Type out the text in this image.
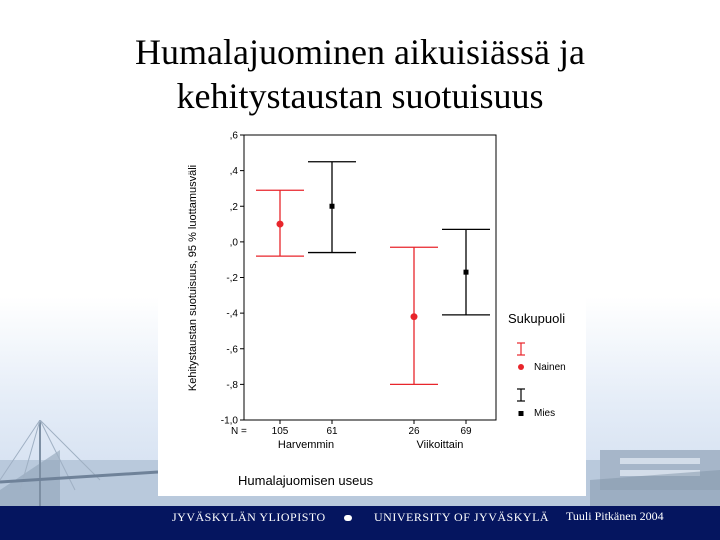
Humalajuominen aikuisiässä ja
kehitystaustan suotuisuus
,6
,4
,2
,0
-,2
-,4
-,6
-,8
-1,0
105	26
61	69
Harvemmin	Viikoittain
Kehitystaustan suotuisuus, 95 % luottamusväli
N =
Humalajuomisen useus
Sukupuoli
Nainen
Mies
JYVÄSKYLÄN YLIOPISTO	UNIVERSITY OF JYVÄSKYLÄ Tuuli Pitkänen 2004
